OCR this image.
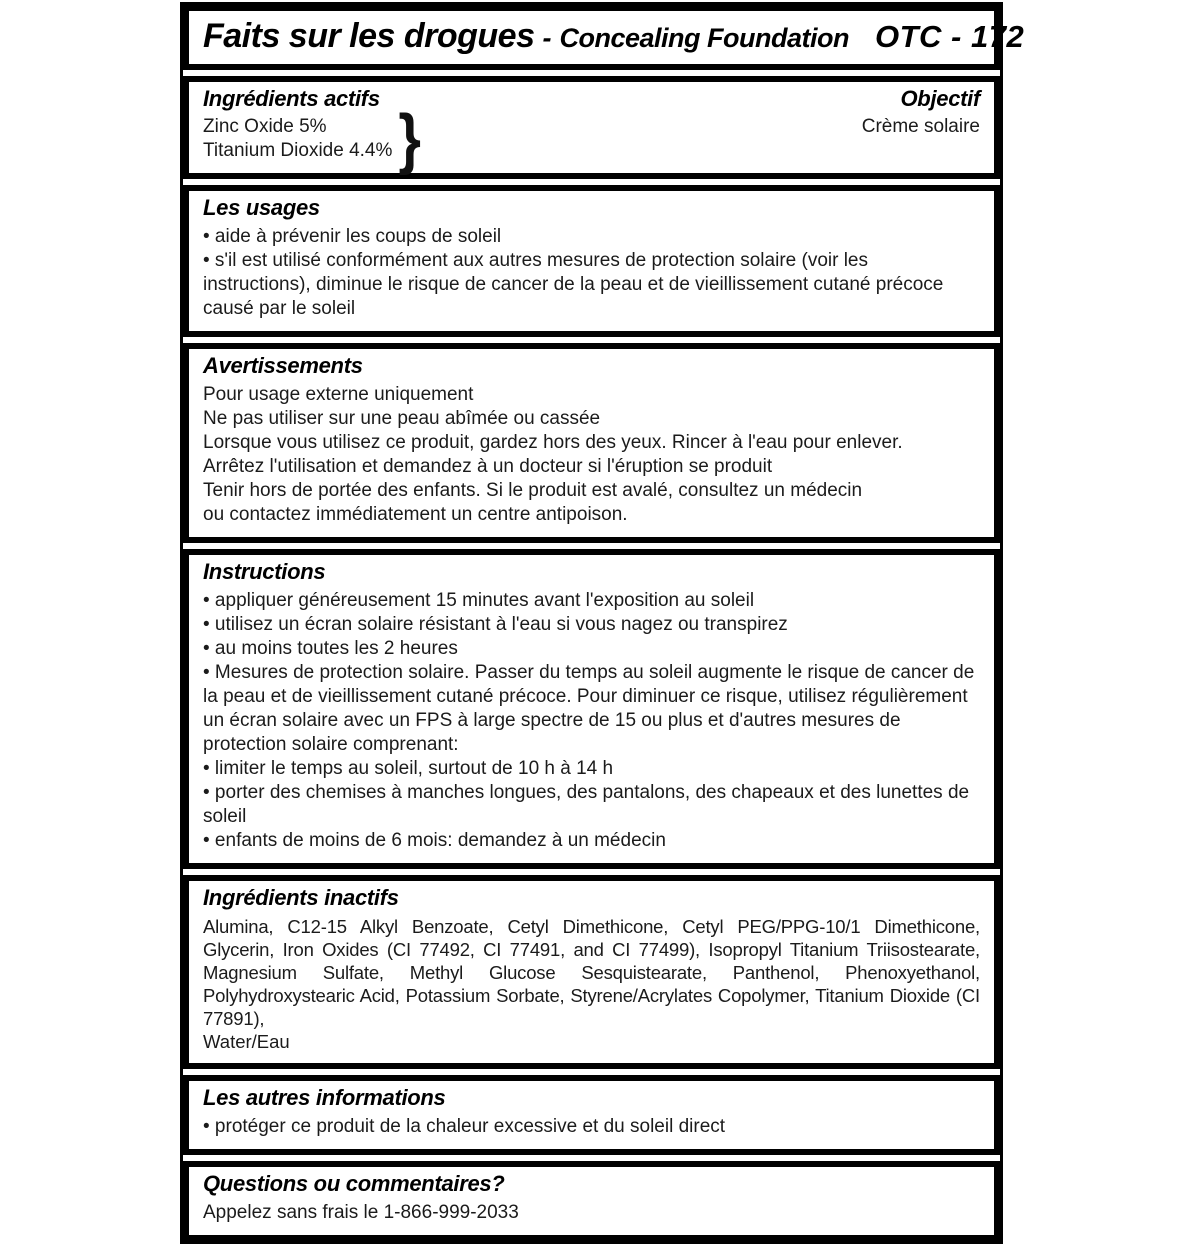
Faits sur les drogues - Concealing Foundation OTC - 172
Ingrédients actifs
Zinc Oxide 5%
Titanium Dioxide 4.4% }
Objectif
Crème solaire
Les usages
• aide à prévenir les coups de soleil
• s'il est utilisé conformément aux autres mesures de protection solaire (voir les instructions), diminue le risque de cancer de la peau et de vieillissement cutané précoce causé par le soleil
Avertissements
Pour usage externe uniquement
Ne pas utiliser sur une peau abîmée ou cassée
Lorsque vous utilisez ce produit, gardez hors des yeux. Rincer à l'eau pour enlever.
Arrêtez l'utilisation et demandez à un docteur si l'éruption se produit
Tenir hors de portée des enfants. Si le produit est avalé, consultez un médecin
ou contactez immédiatement un centre antipoison.
Instructions
• appliquer généreusement 15 minutes avant l'exposition au soleil
• utilisez un écran solaire résistant à l'eau si vous nagez ou transpirez
• au moins toutes les 2 heures
• Mesures de protection solaire. Passer du temps au soleil augmente le risque de cancer de la peau et de vieillissement cutané précoce. Pour diminuer ce risque, utilisez régulièrement un écran solaire avec un FPS à large spectre de 15 ou plus et d'autres mesures de protection solaire comprenant:
• limiter le temps au soleil, surtout de 10 h à 14 h
• porter des chemises à manches longues, des pantalons, des chapeaux et des lunettes de soleil
• enfants de moins de 6 mois: demandez à un médecin
Ingrédients inactifs
Alumina, C12-15 Alkyl Benzoate, Cetyl Dimethicone, Cetyl PEG/PPG-10/1 Dimethicone, Glycerin, Iron Oxides (CI 77492, CI 77491, and CI 77499), Isopropyl Titanium Triisostearate, Magnesium Sulfate, Methyl Glucose Sesquistearate, Panthenol, Phenoxyethanol, Polyhydroxystearic Acid, Potassium Sorbate, Styrene/Acrylates Copolymer, Titanium Dioxide (CI 77891),
Water/Eau
Les autres informations
• protéger ce produit de la chaleur excessive et du soleil direct
Questions ou commentaires?
Appelez sans frais le 1-866-999-2033
